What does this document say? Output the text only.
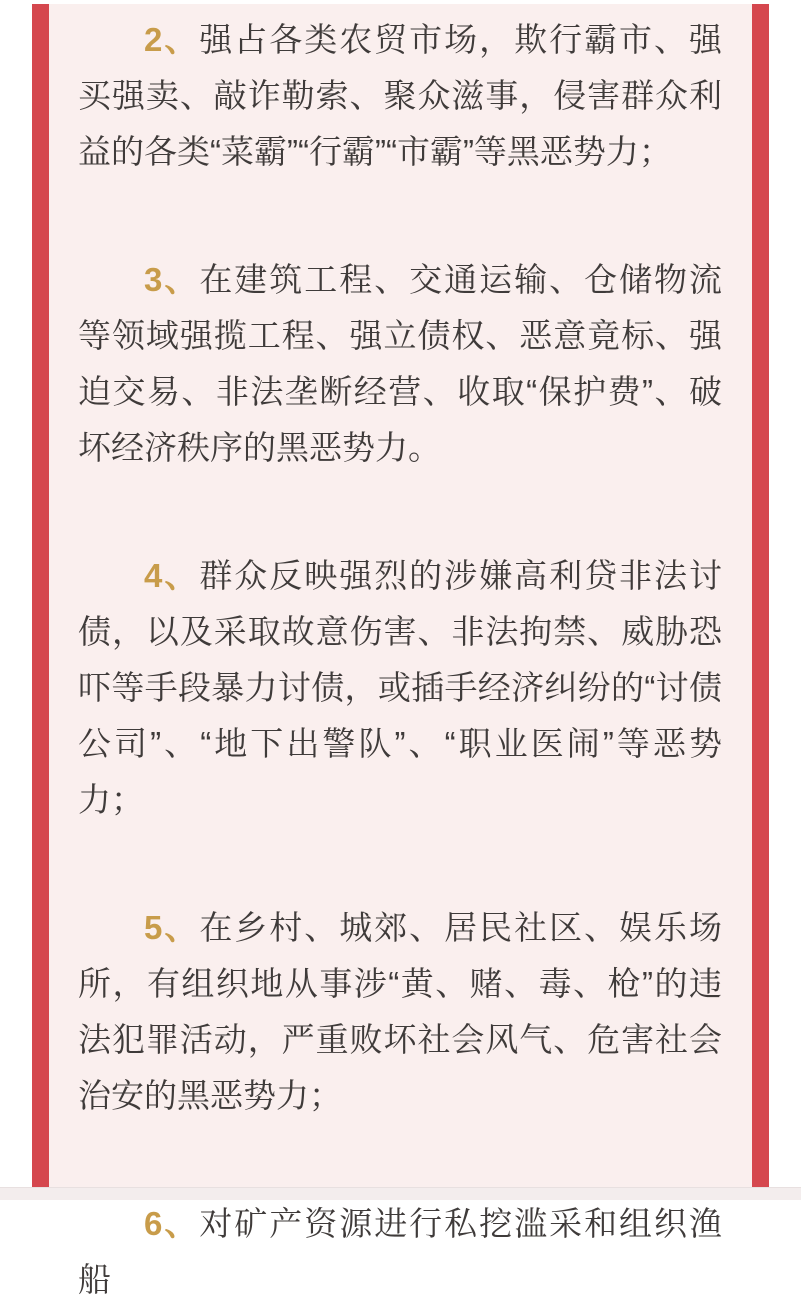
2、强占各类农贸市场，欺行霸市、强买强卖、敲诈勒索、聚众滋事，侵害群众利益的各类“菜霸”“行霸”“市霸”等黑恶势力；

3、在建筑工程、交通运输、仓储物流等领域强揽工程、强立债权、恶意竟标、强迫交易、非法垄断经营、收取“保护费”、破坏经济秩序的黑恶势力。

4、群众反映强烈的涉嫌高利贷非法讨债，以及采取故意伤害、非法拘禁、威胁恐吓等手段暴力讨债，或插手经济纠纷的“讨债公司”、“地下出警队”、“职业医闹”等恶势力；

5、在乡村、城郊、居民社区、娱乐场所，有组织地从事涉“黄、赌、毒、枪”的违法犯罪活动，严重败坏社会风气、危害社会治安的黑恶势力；

6、对矿产资源进行私挖滥采和组织渔船
